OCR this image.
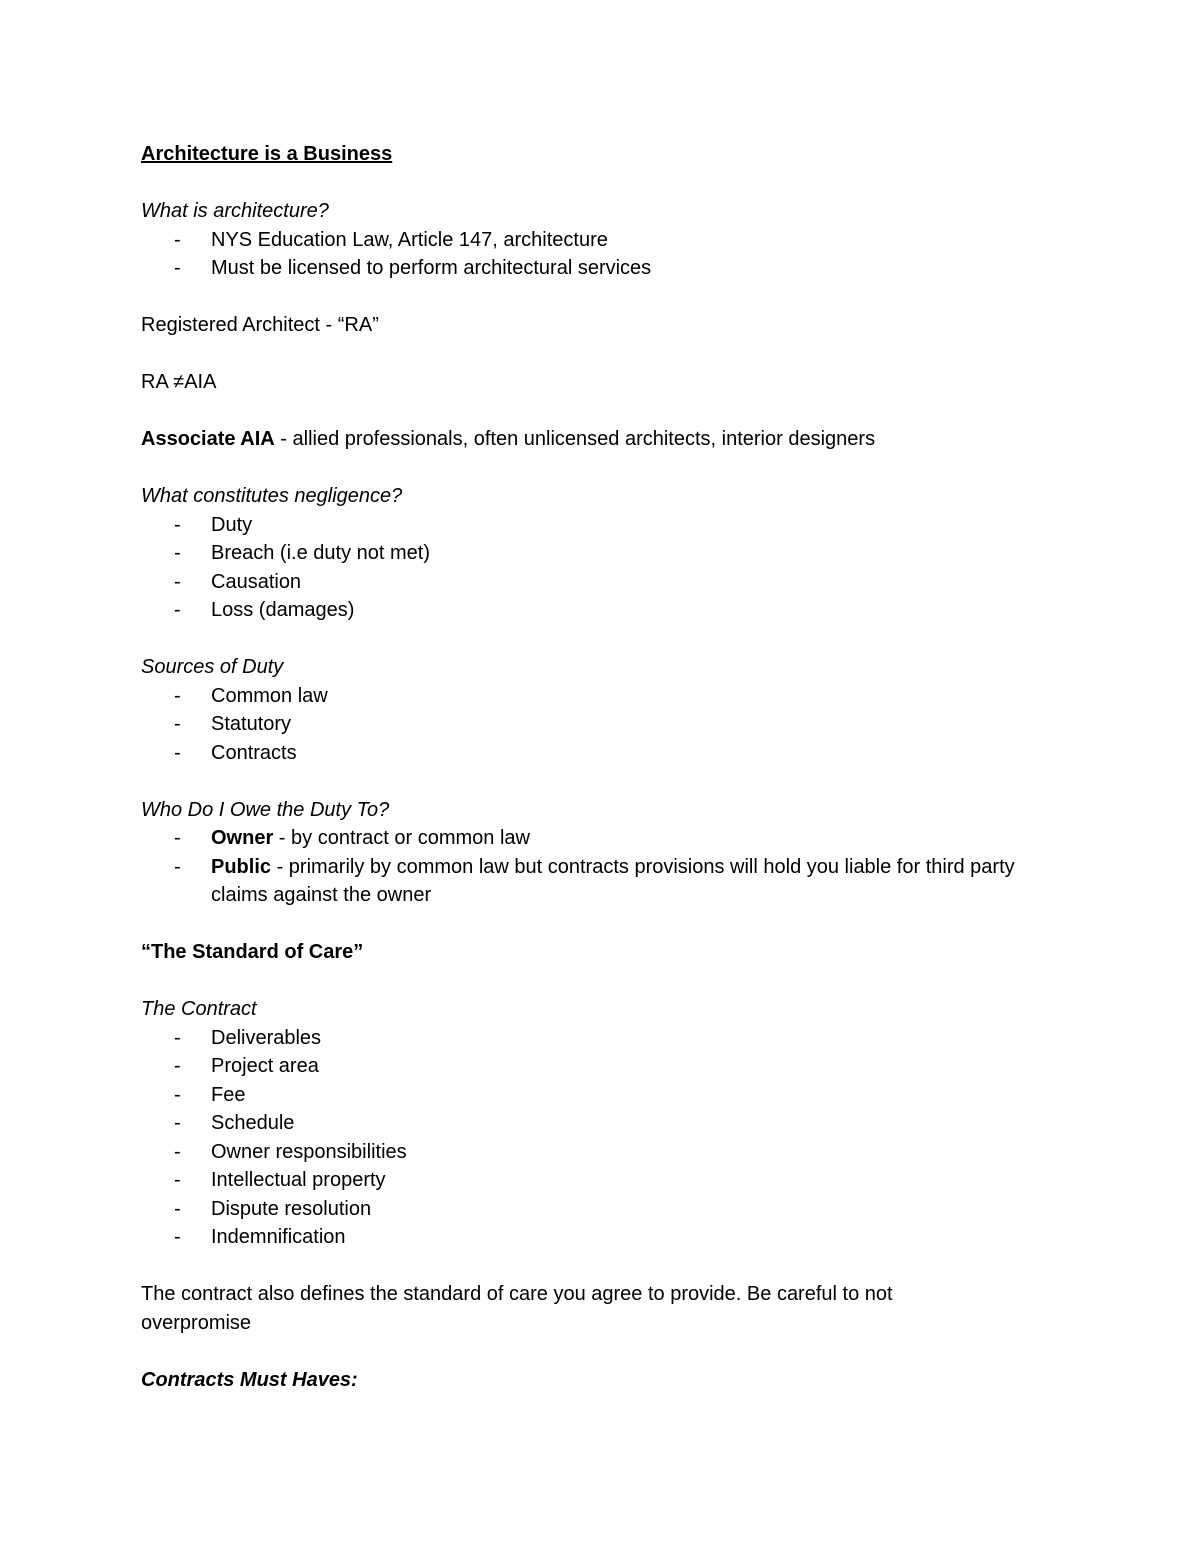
Architecture is a Business

What is architecture?

- NYS Education Law, Article 147, architecture
- Must be licensed to perform architectural services

Registered Architect - “RA”

RA ≠AIA

Associate AIA - allied professionals, often unlicensed architects, interior designers

What constitutes negligence?

- Duty
- Breach (i.e duty not met)
- Causation
- Loss (damages)

Sources of Duty

- Common law
- Statutory
- Contracts

Who Do I Owe the Duty To?

- Owner - by contract or common law
- Public - primarily by common law but contracts provisions will hold you liable for third party claims against the owner

“The Standard of Care”

The Contract

- Deliverables
- Project area
- Fee
- Schedule
- Owner responsibilities
- Intellectual property
- Dispute resolution
- Indemnification

The contract also defines the standard of care you agree to provide. Be careful to not overpromise

Contracts Must Haves:
